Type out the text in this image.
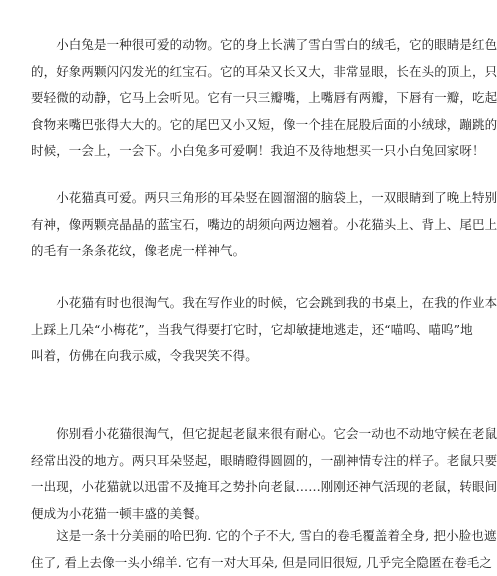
　　小白兔是一种很可爱的动物。它的身上长满了雪白雪白的绒毛，它的眼睛是红色
的，好象两颗闪闪发光的红宝石。它的耳朵又长又大，非常显眼，长在头的顶上，只
要轻微的动静，它马上会听见。它有一只三瓣嘴，上嘴唇有两瓣，下唇有一瓣，吃起
食物来嘴巴张得大大的。它的尾巴又小又短，像一个挂在屁股后面的小绒球，蹦跳的
时候，一会上，一会下。小白兔多可爱啊！我迫不及待地想买一只小白兔回家呀！
　　小花猫真可爱。两只三角形的耳朵竖在圆溜溜的脑袋上，一双眼睛到了晚上特别
有神，像两颗亮晶晶的蓝宝石，嘴边的胡须向两边翘着。小花猫头上、背上、尾巴上
的毛有一条条花纹，像老虎一样神气。
　　小花猫有时也很淘气。我在写作业的时候，它会跳到我的书桌上，在我的作业本
上踩上几朵“小梅花”，当我气得要打它时，它却敏捷地逃走，还“喵呜、喵呜”地
叫着，仿佛在向我示威，令我哭笑不得。
　　你别看小花猫很淘气，但它捉起老鼠来很有耐心。它会一动也不动地守候在老鼠
经常出没的地方。两只耳朵竖起，眼睛瞪得圆圆的，一副神情专注的样子。老鼠只要
一出现，小花猫就以迅雷不及掩耳之势扑向老鼠……刚刚还神气活现的老鼠，转眼间
便成为小花猫一顿丰盛的美餐。
　　这是一条十分美丽的哈巴狗. 它的个子不大, 雪白的卷毛覆盖着全身, 把小脸也遮
住了, 看上去像一头小绵羊. 它有一对大耳朵, 但是同旧很短, 几乎完全隐匿在卷毛之
